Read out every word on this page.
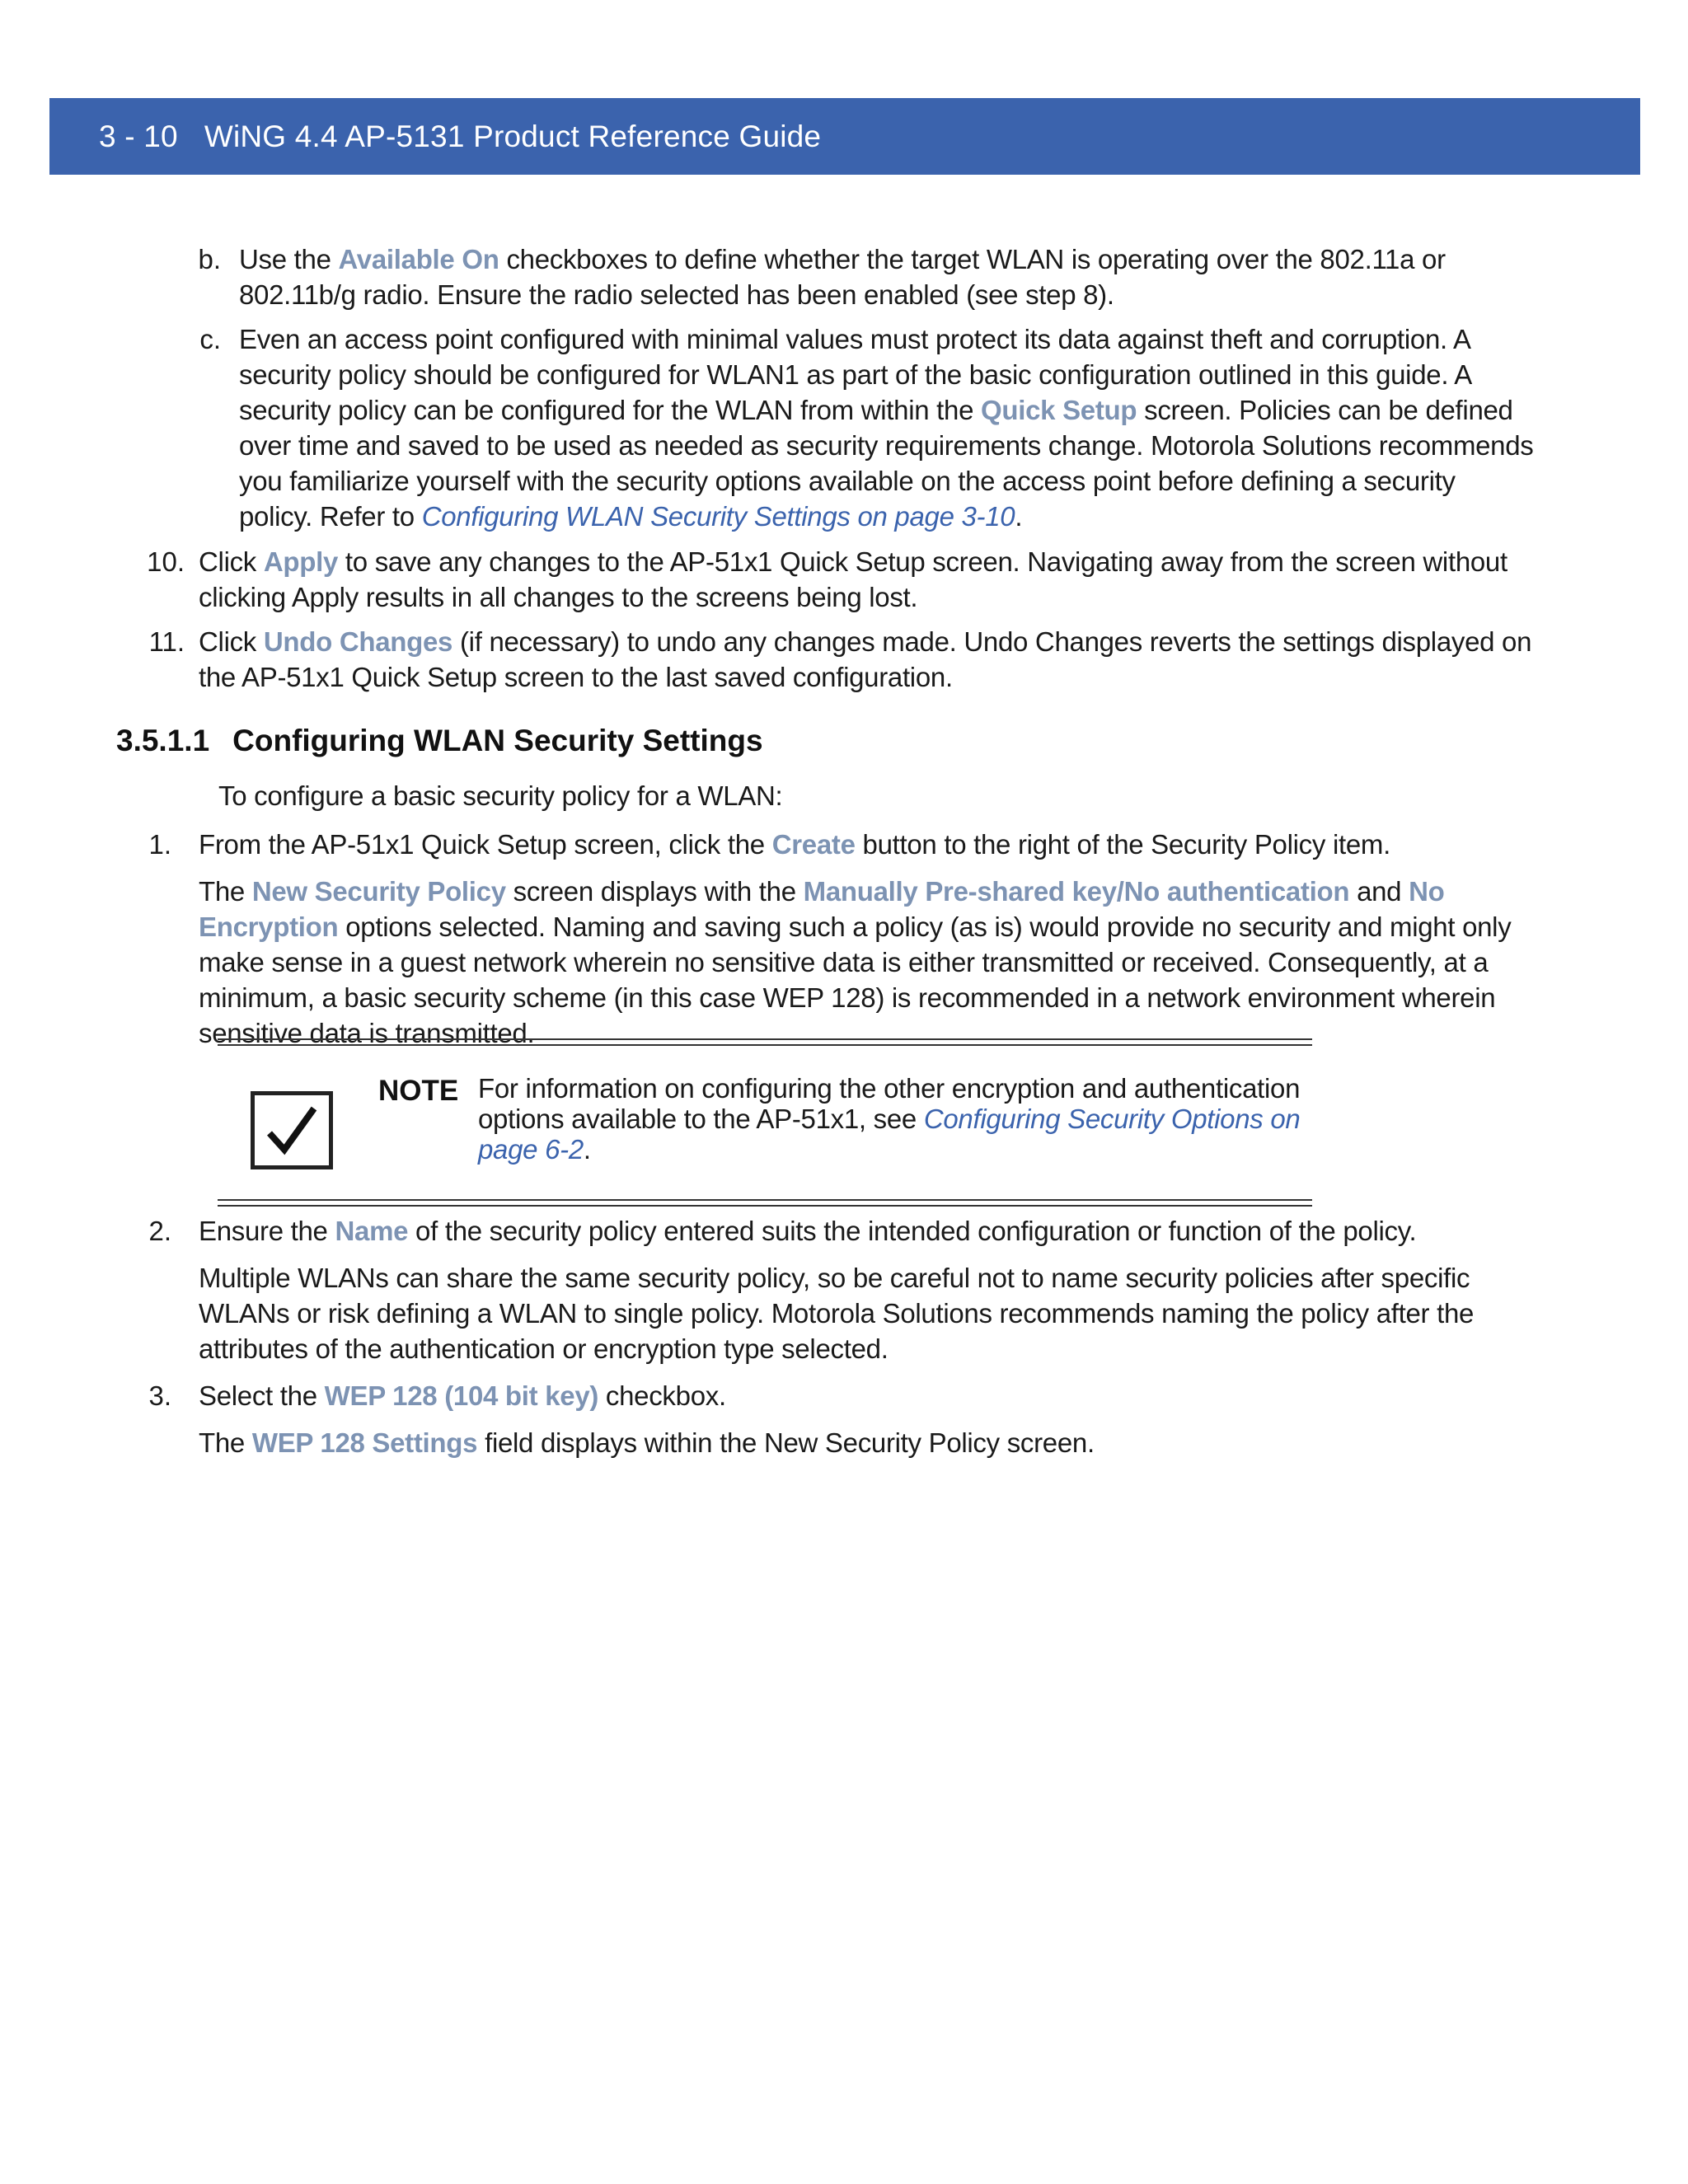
3 - 10 WiNG 4.4 AP-5131 Product Reference Guide
b. Use the Available On checkboxes to define whether the target WLAN is operating over the 802.11a or 802.11b/g radio. Ensure the radio selected has been enabled (see step 8).
c. Even an access point configured with minimal values must protect its data against theft and corruption. A security policy should be configured for WLAN1 as part of the basic configuration outlined in this guide. A security policy can be configured for the WLAN from within the Quick Setup screen. Policies can be defined over time and saved to be used as needed as security requirements change. Motorola Solutions recommends you familiarize yourself with the security options available on the access point before defining a security policy. Refer to Configuring WLAN Security Settings on page 3-10.
10. Click Apply to save any changes to the AP-51x1 Quick Setup screen. Navigating away from the screen without clicking Apply results in all changes to the screens being lost.
11. Click Undo Changes (if necessary) to undo any changes made. Undo Changes reverts the settings displayed on the AP-51x1 Quick Setup screen to the last saved configuration.
3.5.1.1 Configuring WLAN Security Settings
To configure a basic security policy for a WLAN:
1. From the AP-51x1 Quick Setup screen, click the Create button to the right of the Security Policy item.
The New Security Policy screen displays with the Manually Pre-shared key/No authentication and No Encryption options selected. Naming and saving such a policy (as is) would provide no security and might only make sense in a guest network wherein no sensitive data is either transmitted or received. Consequently, at a minimum, a basic security scheme (in this case WEP 128) is recommended in a network environment wherein sensitive data is transmitted.
NOTE For information on configuring the other encryption and authentication options available to the AP-51x1, see Configuring Security Options on page 6-2.
2. Ensure the Name of the security policy entered suits the intended configuration or function of the policy.
Multiple WLANs can share the same security policy, so be careful not to name security policies after specific WLANs or risk defining a WLAN to single policy. Motorola Solutions recommends naming the policy after the attributes of the authentication or encryption type selected.
3. Select the WEP 128 (104 bit key) checkbox.
The WEP 128 Settings field displays within the New Security Policy screen.
